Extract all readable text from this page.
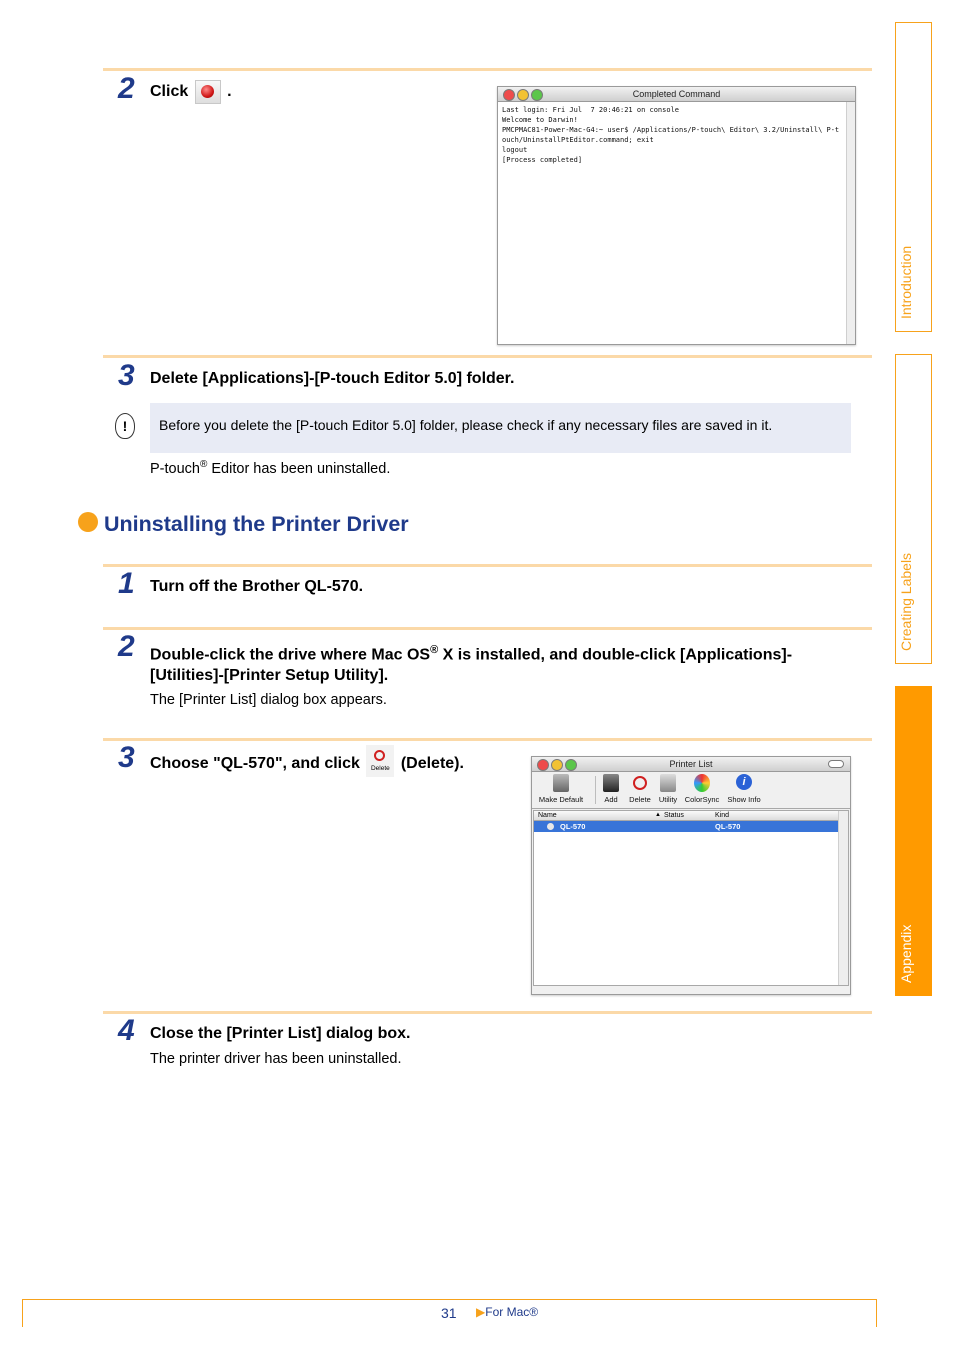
Introduction
Creating Labels
Appendix
2 Click .	Completed Command
Last login: Fri Jul  7 20:46:21 on console
Welcome to Darwin!
PMCPMAC81-Power-Mac-G4:~ user$ /Applications/P-touch\ Editor\ 3.2/Uninstall\ P-t
ouch/UninstallPtEditor.command; exit
logout
[Process completed]
3 Delete [Applications]-[P-touch Editor 5.0] folder.
!	Before you delete the [P-touch Editor 5.0] folder, please check if any necessary files are saved in it.
P-touch® Editor has been uninstalled.
Uninstalling the Printer Driver
1 Turn off the Brother QL-570.
2 Double-click the drive where Mac OS® X is installed, and double-click [Applications]-
[Utilities]-[Printer Setup Utility].
The [Printer List] dialog box appears.
3 Choose "QL-570", and click	Delete (Delete).	Printer List
Make Default	Add	Delete	Utility	ColorSync
i
Show Info
Name	▲ Status	Kind
QL-570	QL-570
4 Close the [Printer List] dialog box.
The printer driver has been uninstalled.
31 ▶For Mac®
